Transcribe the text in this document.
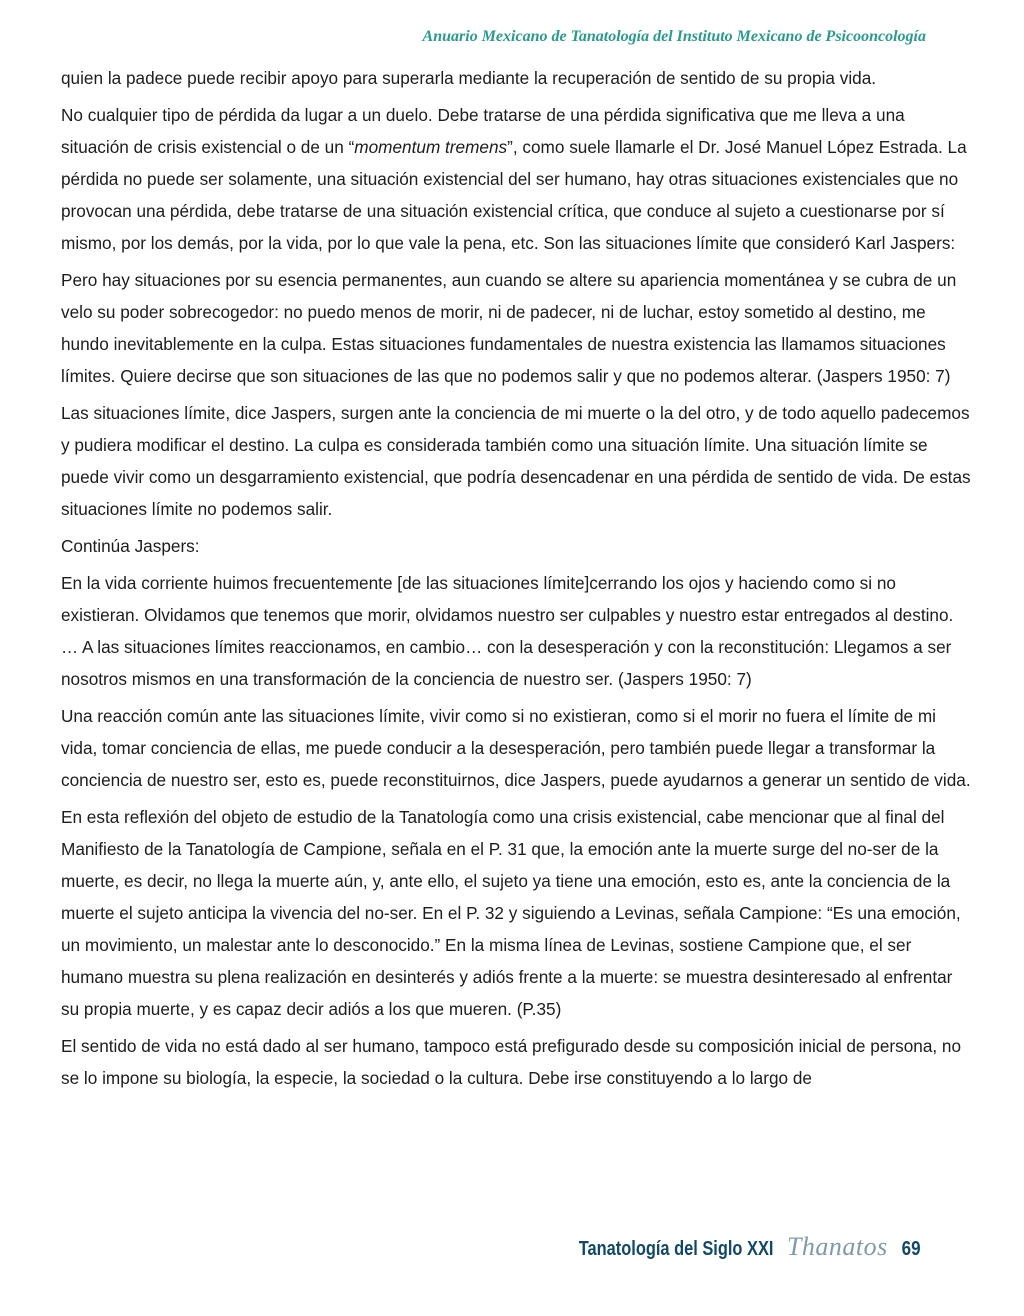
Anuario Mexicano de Tanatología del Instituto Mexicano de Psicooncología

quien la padece puede recibir apoyo para superarla mediante la recuperación de sentido de su propia vida.

No cualquier tipo de pérdida da lugar a un duelo. Debe tratarse de una pérdida significativa que me lleva a una situación de crisis existencial o de un “momentum tremens”, como suele llamarle el Dr. José Manuel López Estrada. La pérdida no puede ser solamente, una situación existencial del ser humano, hay otras situaciones existenciales que no provocan una pérdida, debe tratarse de una situación existencial crítica, que conduce al sujeto a cuestionarse por sí mismo, por los demás, por la vida, por lo que vale la pena, etc. Son las situaciones límite que consideró Karl Jaspers:

Pero hay situaciones por su esencia permanentes, aun cuando se altere su apariencia momentánea y se cubra de un velo su poder sobrecogedor: no puedo menos de morir, ni de padecer, ni de luchar, estoy sometido al destino, me hundo inevitablemente en la culpa. Estas situaciones fundamentales de nuestra existencia las llamamos situaciones límites. Quiere decirse que son situaciones de las que no podemos salir y que no podemos alterar. (Jaspers 1950: 7)

Las situaciones límite, dice Jaspers, surgen ante la conciencia de mi muerte o la del otro, y de todo aquello padecemos y pudiera modificar el destino. La culpa es considerada también como una situación límite. Una situación límite se puede vivir como un desgarramiento existencial, que podría desencadenar en una pérdida de sentido de vida. De estas situaciones límite no podemos salir.

Continúa Jaspers:

En la vida corriente huimos frecuentemente [de las situaciones límite]cerrando los ojos y haciendo como si no existieran. Olvidamos que tenemos que morir, olvidamos nuestro ser culpables y nuestro estar entregados al destino. … A las situaciones límites reaccionamos, en cambio… con la desesperación y con la reconstitución: Llegamos a ser nosotros mismos en una transformación de la conciencia de nuestro ser. (Jaspers 1950: 7)

Una reacción común ante las situaciones límite, vivir como si no existieran, como si el morir no fuera el límite de mi vida, tomar conciencia de ellas, me puede conducir a la desesperación, pero también puede llegar a transformar la conciencia de nuestro ser, esto es, puede reconstituirnos, dice Jaspers, puede ayudarnos a generar un sentido de vida.

En esta reflexión del objeto de estudio de la Tanatología como una crisis existencial, cabe mencionar que al final del Manifiesto de la Tanatología de Campione, señala en el P. 31 que, la emoción ante la muerte surge del no-ser de la muerte, es decir, no llega la muerte aún, y, ante ello, el sujeto ya tiene una emoción, esto es, ante la conciencia de la muerte el sujeto anticipa la vivencia del no-ser. En el P. 32 y siguiendo a Levinas, señala Campione: “Es una emoción, un movimiento, un malestar ante lo desconocido.” En la misma línea de Levinas, sostiene Campione que, el ser humano muestra su plena realización en desinterés y adiós frente a la muerte: se muestra desinteresado al enfrentar su propia muerte, y es capaz decir adiós a los que mueren. (P.35)

El sentido de vida no está dado al ser humano, tampoco está prefigurado desde su composición inicial de persona, no se lo impone su biología, la especie, la sociedad o la cultura. Debe irse constituyendo a lo largo de

Tanatología del Siglo XXI Thanatos 69
